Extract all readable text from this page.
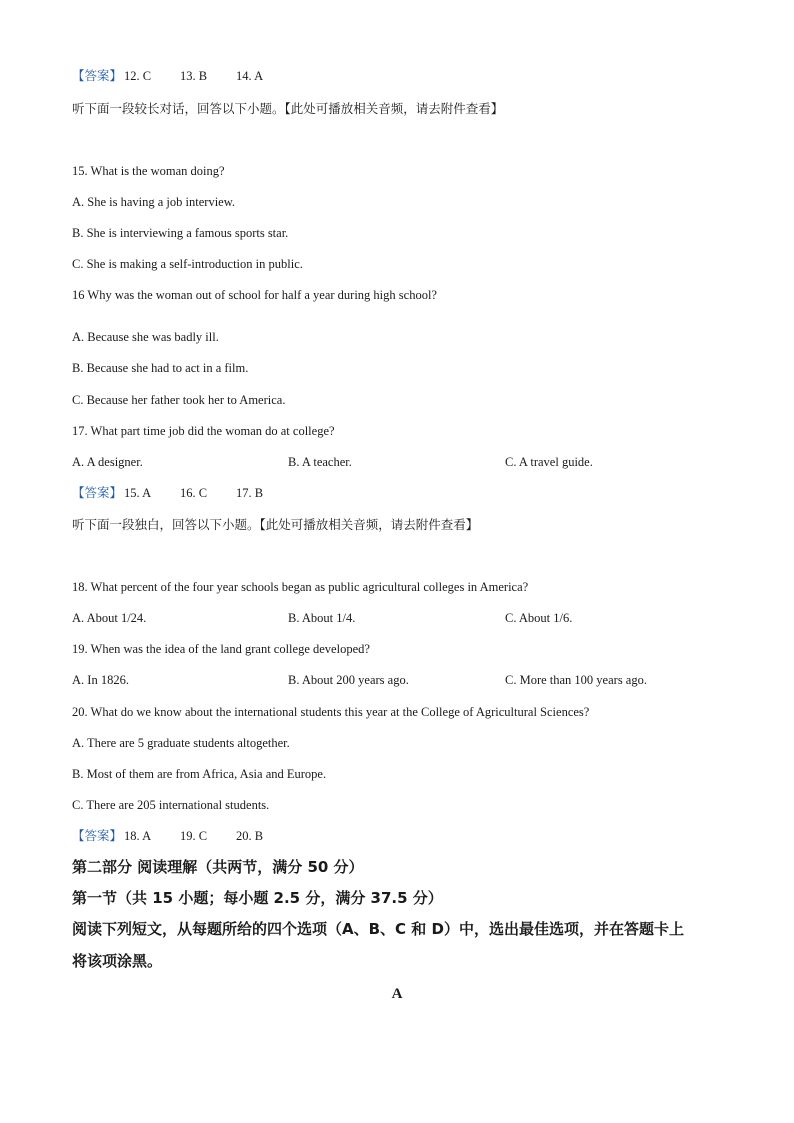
【答案】 12. C 13. B 14. A
听下面一段较长对话，回答以下小题。【此处可播放相关音频，请去附件查看】
15. What is the woman doing?
A. She is having a job interview.
B. She is interviewing a famous sports star.
C. She is making a self-introduction in public.
16 Why was the woman out of school for half a year during high school?
A. Because she was badly ill.
B. Because she had to act in a film.
C. Because her father took her to America.
17. What part time job did the woman do at college?
A. A designer.	B. A teacher.	C. A travel guide.
【答案】 15. A 16. C 17. B
听下面一段独白，回答以下小题。【此处可播放相关音频，请去附件查看】
18. What percent of the four year schools began as public agricultural colleges in America?
A. About 1/24.	B. About 1/4.	C. About 1/6.
19. When was the idea of the land grant college developed?
A. In 1826.	B. About 200 years ago.	C. More than 100 years ago.
20. What do we know about the international students this year at the College of Agricultural Sciences?
A. There are 5 graduate students altogether.
B. Most of them are from Africa, Asia and Europe.
C. There are 205 international students.
【答案】 18. A 19. C 20. B
第二部分 阅读理解（共两节，满分 50 分）
第一节（共 15 小题；每小题 2.5 分，满分 37.5 分）
阅读下列短文，从每题所给的四个选项（A、B、C 和 D）中，选出最佳选项，并在答题卡上
将该项涂黑。
A
